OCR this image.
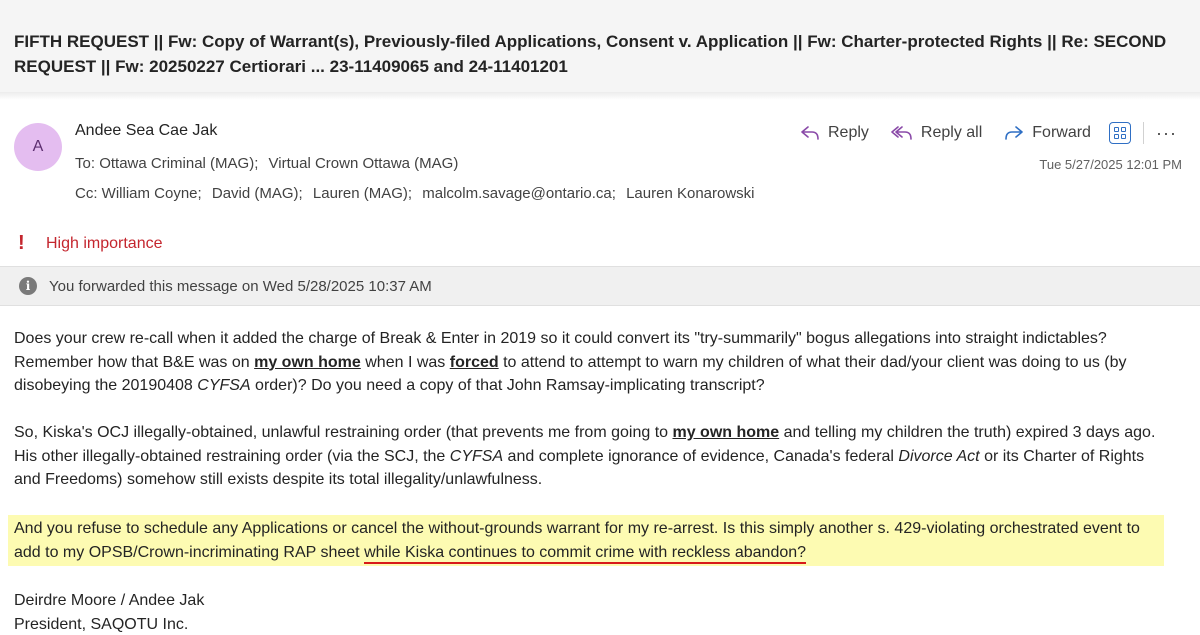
FIFTH REQUEST || Fw: Copy of Warrant(s), Previously-filed Applications, Consent v. Application || Fw: Charter-protected Rights || Re: SECOND REQUEST || Fw: 20250227 Certiorari ... 23-11409065 and 24-11401201
A
Andee Sea Cae Jak
To: Ottawa Criminal (MAG); Virtual Crown Ottawa (MAG)
Cc: William Coyne; David (MAG); Lauren (MAG); malcolm.savage@ontario.ca; Lauren Konarowski
Reply	Reply all	Forward	···
Tue 5/27/2025 12:01 PM
!	High importance
i	You forwarded this message on Wed 5/28/2025 10:37 AM
Does your crew re-call when it added the charge of Break & Enter in 2019 so it could convert its "try-summarily" bogus allegations into straight indictables? Remember how that B&E was on my own home when I was forced to attend to attempt to warn my children of what their dad/your client was doing to us (by disobeying the 20190408 CYFSA order)? Do you need a copy of that John Ramsay-implicating transcript?
So, Kiska's OCJ illegally-obtained, unlawful restraining order (that prevents me from going to my own home and telling my children the truth) expired 3 days ago. His other illegally-obtained restraining order (via the SCJ, the CYFSA and complete ignorance of evidence, Canada's federal Divorce Act or its Charter of Rights and Freedoms) somehow still exists despite its total illegality/unlawfulness.
And you refuse to schedule any Applications or cancel the without-grounds warrant for my re-arrest. Is this simply another s. 429-violating orchestrated event to add to my OPSB/Crown-incriminating RAP sheet while Kiska continues to commit crime with reckless abandon?
Deirdre Moore / Andee Jak
President, SAQOTU Inc.
